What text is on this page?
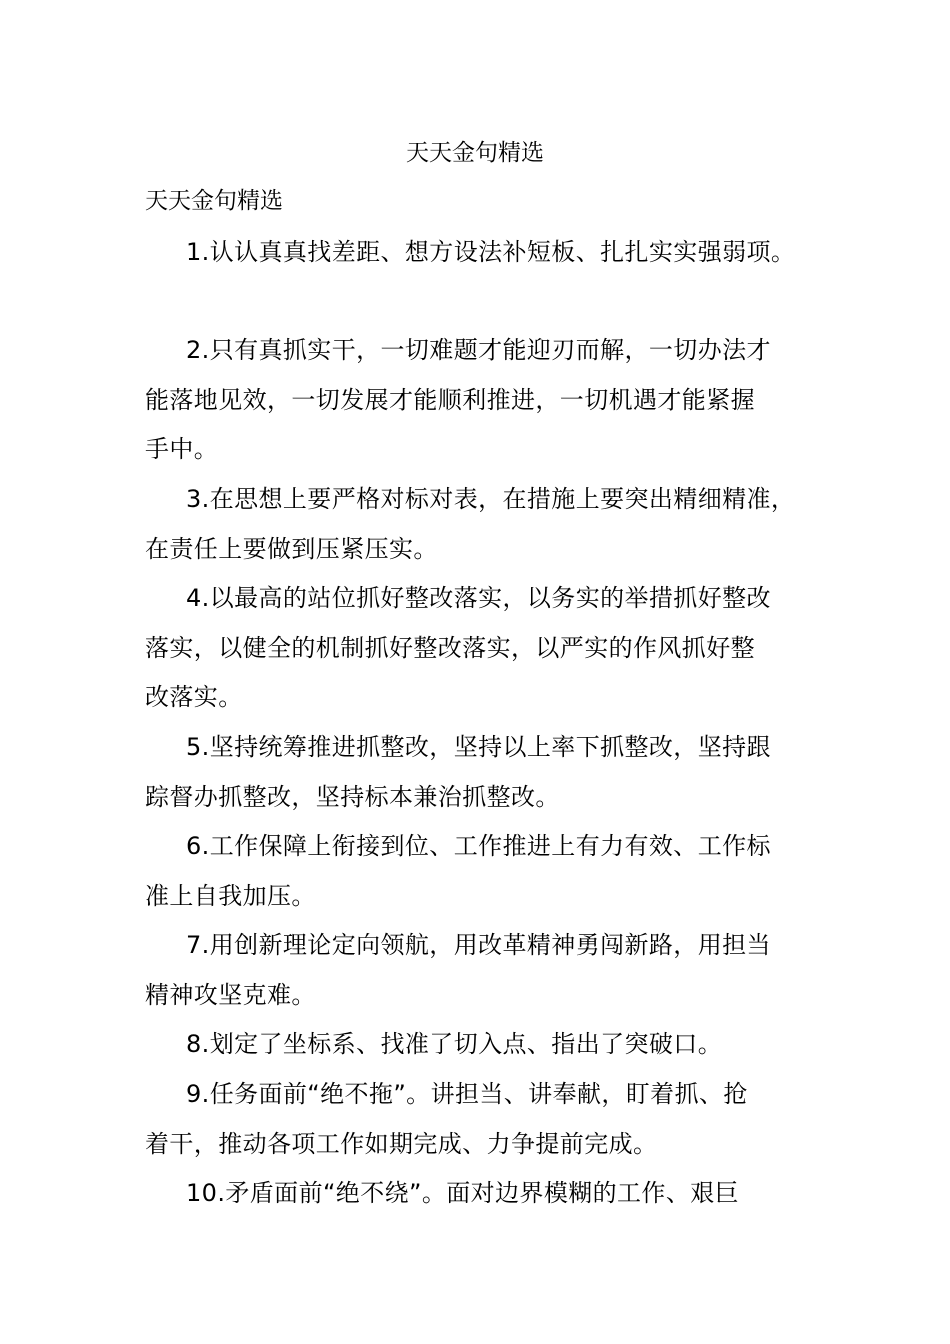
天天金句精选

天天金句精选

1.认认真真找差距、想方设法补短板、扎扎实实强弱项。

2.只有真抓实干，一切难题才能迎刃而解，一切办法才
能落地见效，一切发展才能顺利推进，一切机遇才能紧握
手中。

3.在思想上要严格对标对表，在措施上要突出精细精准，
在责任上要做到压紧压实。

4.以最高的站位抓好整改落实，以务实的举措抓好整改
落实，以健全的机制抓好整改落实，以严实的作风抓好整
改落实。

5.坚持统筹推进抓整改，坚持以上率下抓整改，坚持跟
踪督办抓整改，坚持标本兼治抓整改。

6.工作保障上衔接到位、工作推进上有力有效、工作标
准上自我加压。

7.用创新理论定向领航，用改革精神勇闯新路，用担当
精神攻坚克难。

8.划定了坐标系、找准了切入点、指出了突破口。

9.任务面前“绝不拖”。讲担当、讲奉献，盯着抓、抢
着干，推动各项工作如期完成、力争提前完成。

10.矛盾面前“绝不绕”。面对边界模糊的工作、艰巨
